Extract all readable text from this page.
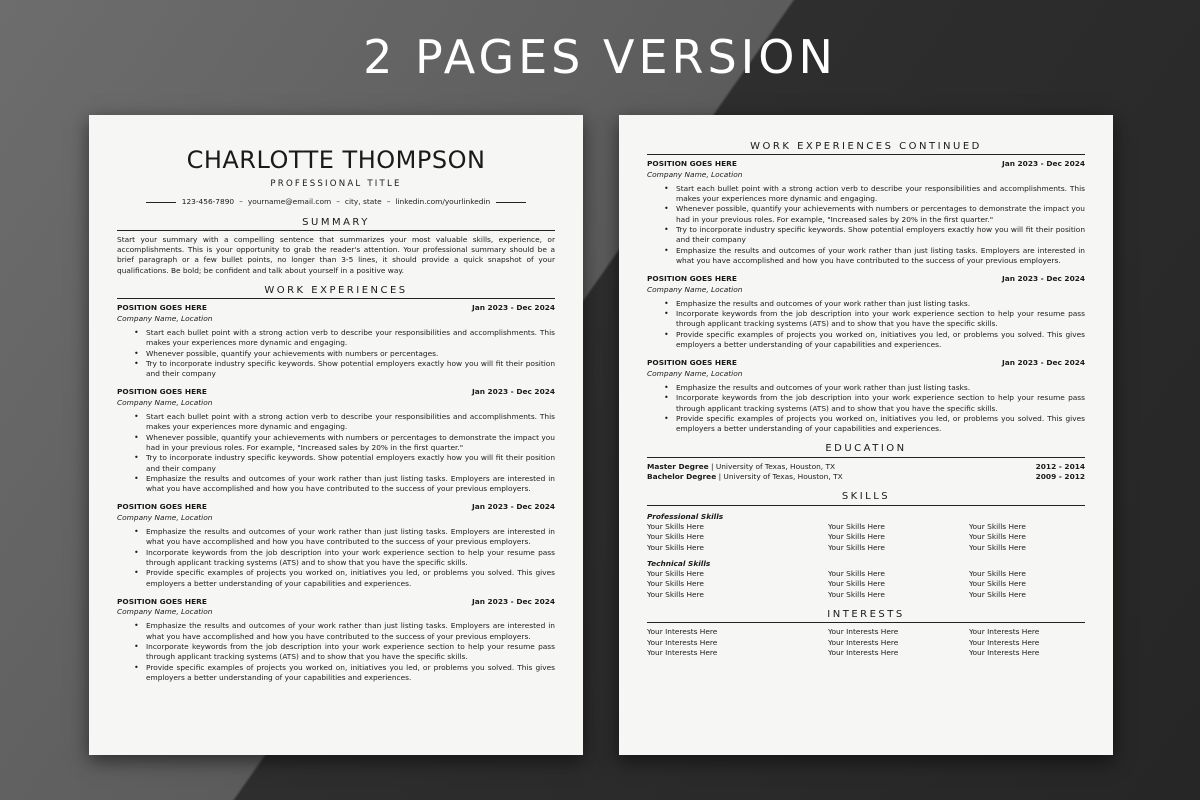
2 PAGES VERSION
CHARLOTTE THOMPSON
PROFESSIONAL TITLE
123-456-7890 – yourname@email.com – city, state – linkedin.com/yourlinkedin
SUMMARY
Start your summary with a compelling sentence that summarizes your most valuable skills, experience, or accomplishments. This is your opportunity to grab the reader's attention. Your professional summary should be a brief paragraph or a few bullet points, no longer than 3-5 lines, it should provide a quick snapshot of your qualifications. Be bold; be confident and talk about yourself in a positive way.
WORK EXPERIENCES
POSITION GOES HERE	Jan 2023 - Dec 2024
Company Name, Location
• Start each bullet point with a strong action verb to describe your responsibilities and accomplishments. This makes your experiences more dynamic and engaging.
• Whenever possible, quantify your achievements with numbers or percentages.
• Try to incorporate industry specific keywords. Show potential employers exactly how you will fit their position and their company
POSITION GOES HERE	Jan 2023 - Dec 2024
Company Name, Location
• Start each bullet point with a strong action verb to describe your responsibilities and accomplishments. This makes your experiences more dynamic and engaging.
• Whenever possible, quantify your achievements with numbers or percentages to demonstrate the impact you had in your previous roles. For example, "Increased sales by 20% in the first quarter."
• Try to incorporate industry specific keywords. Show potential employers exactly how you will fit their position and their company
• Emphasize the results and outcomes of your work rather than just listing tasks. Employers are interested in what you have accomplished and how you have contributed to the success of your previous employers.
POSITION GOES HERE	Jan 2023 - Dec 2024
Company Name, Location
• Emphasize the results and outcomes of your work rather than just listing tasks. Employers are interested in what you have accomplished and how you have contributed to the success of your previous employers.
• Incorporate keywords from the job description into your work experience section to help your resume pass through applicant tracking systems (ATS) and to show that you have the specific skills.
• Provide specific examples of projects you worked on, initiatives you led, or problems you solved. This gives employers a better understanding of your capabilities and experiences.
POSITION GOES HERE	Jan 2023 - Dec 2024
Company Name, Location
• Emphasize the results and outcomes of your work rather than just listing tasks. Employers are interested in what you have accomplished and how you have contributed to the success of your previous employers.
• Incorporate keywords from the job description into your work experience section to help your resume pass through applicant tracking systems (ATS) and to show that you have the specific skills.
• Provide specific examples of projects you worked on, initiatives you led, or problems you solved. This gives employers a better understanding of your capabilities and experiences.
WORK EXPERIENCES CONTINUED
POSITION GOES HERE	Jan 2023 - Dec 2024
Company Name, Location
• Start each bullet point with a strong action verb to describe your responsibilities and accomplishments. This makes your experiences more dynamic and engaging.
• Whenever possible, quantify your achievements with numbers or percentages to demonstrate the impact you had in your previous roles. For example, "Increased sales by 20% in the first quarter."
• Try to incorporate industry specific keywords. Show potential employers exactly how you will fit their position and their company
• Emphasize the results and outcomes of your work rather than just listing tasks. Employers are interested in what you have accomplished and how you have contributed to the success of your previous employers.
POSITION GOES HERE	Jan 2023 - Dec 2024
Company Name, Location
• Emphasize the results and outcomes of your work rather than just listing tasks.
• Incorporate keywords from the job description into your work experience section to help your resume pass through applicant tracking systems (ATS) and to show that you have the specific skills.
• Provide specific examples of projects you worked on, initiatives you led, or problems you solved. This gives employers a better understanding of your capabilities and experiences.
POSITION GOES HERE	Jan 2023 - Dec 2024
Company Name, Location
• Emphasize the results and outcomes of your work rather than just listing tasks.
• Incorporate keywords from the job description into your work experience section to help your resume pass through applicant tracking systems (ATS) and to show that you have the specific skills.
• Provide specific examples of projects you worked on, initiatives you led, or problems you solved. This gives employers a better understanding of your capabilities and experiences.
EDUCATION
Master Degree | University of Texas, Houston, TX	2012 - 2014
Bachelor Degree | University of Texas, Houston, TX	2009 - 2012
SKILLS
Professional Skills
Your Skills Here	Your Skills Here	Your Skills Here
Your Skills Here	Your Skills Here	Your Skills Here
Your Skills Here	Your Skills Here	Your Skills Here
Technical Skills
Your Skills Here	Your Skills Here	Your Skills Here
Your Skills Here	Your Skills Here	Your Skills Here
Your Skills Here	Your Skills Here	Your Skills Here
INTERESTS
Your Interests Here	Your Interests Here	Your Interests Here
Your Interests Here	Your Interests Here	Your Interests Here
Your Interests Here	Your Interests Here	Your Interests Here
